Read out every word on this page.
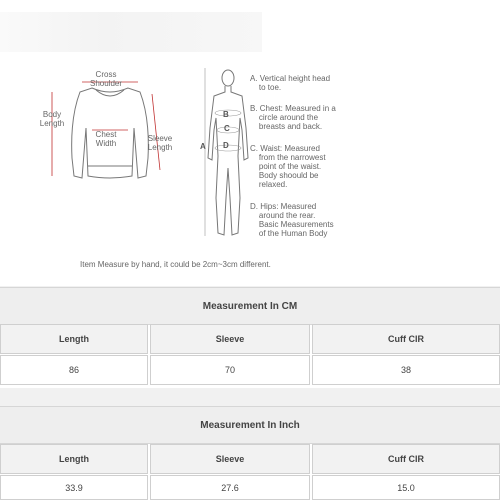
Cross
Shoulder
Body
Length
Chest
Width
Sleeve
Length	A
B
C
D
A. Vertical height head
to toe.
B. Chest: Measured in a
circle around the
breasts and back.
C. Waist: Measured
from the narrowest
point of the waist.
Body shoould be
relaxed.
D. Hips: Measured
around the rear.
Basic Measurements
of the Human Body
Item Measure by hand, it could be 2cm~3cm different.
Measurement In CM
Length	Sleeve	Cuff CIR
86	70	38
Measurement In Inch
Length	Sleeve	Cuff CIR
33.9	27.6	15.0
